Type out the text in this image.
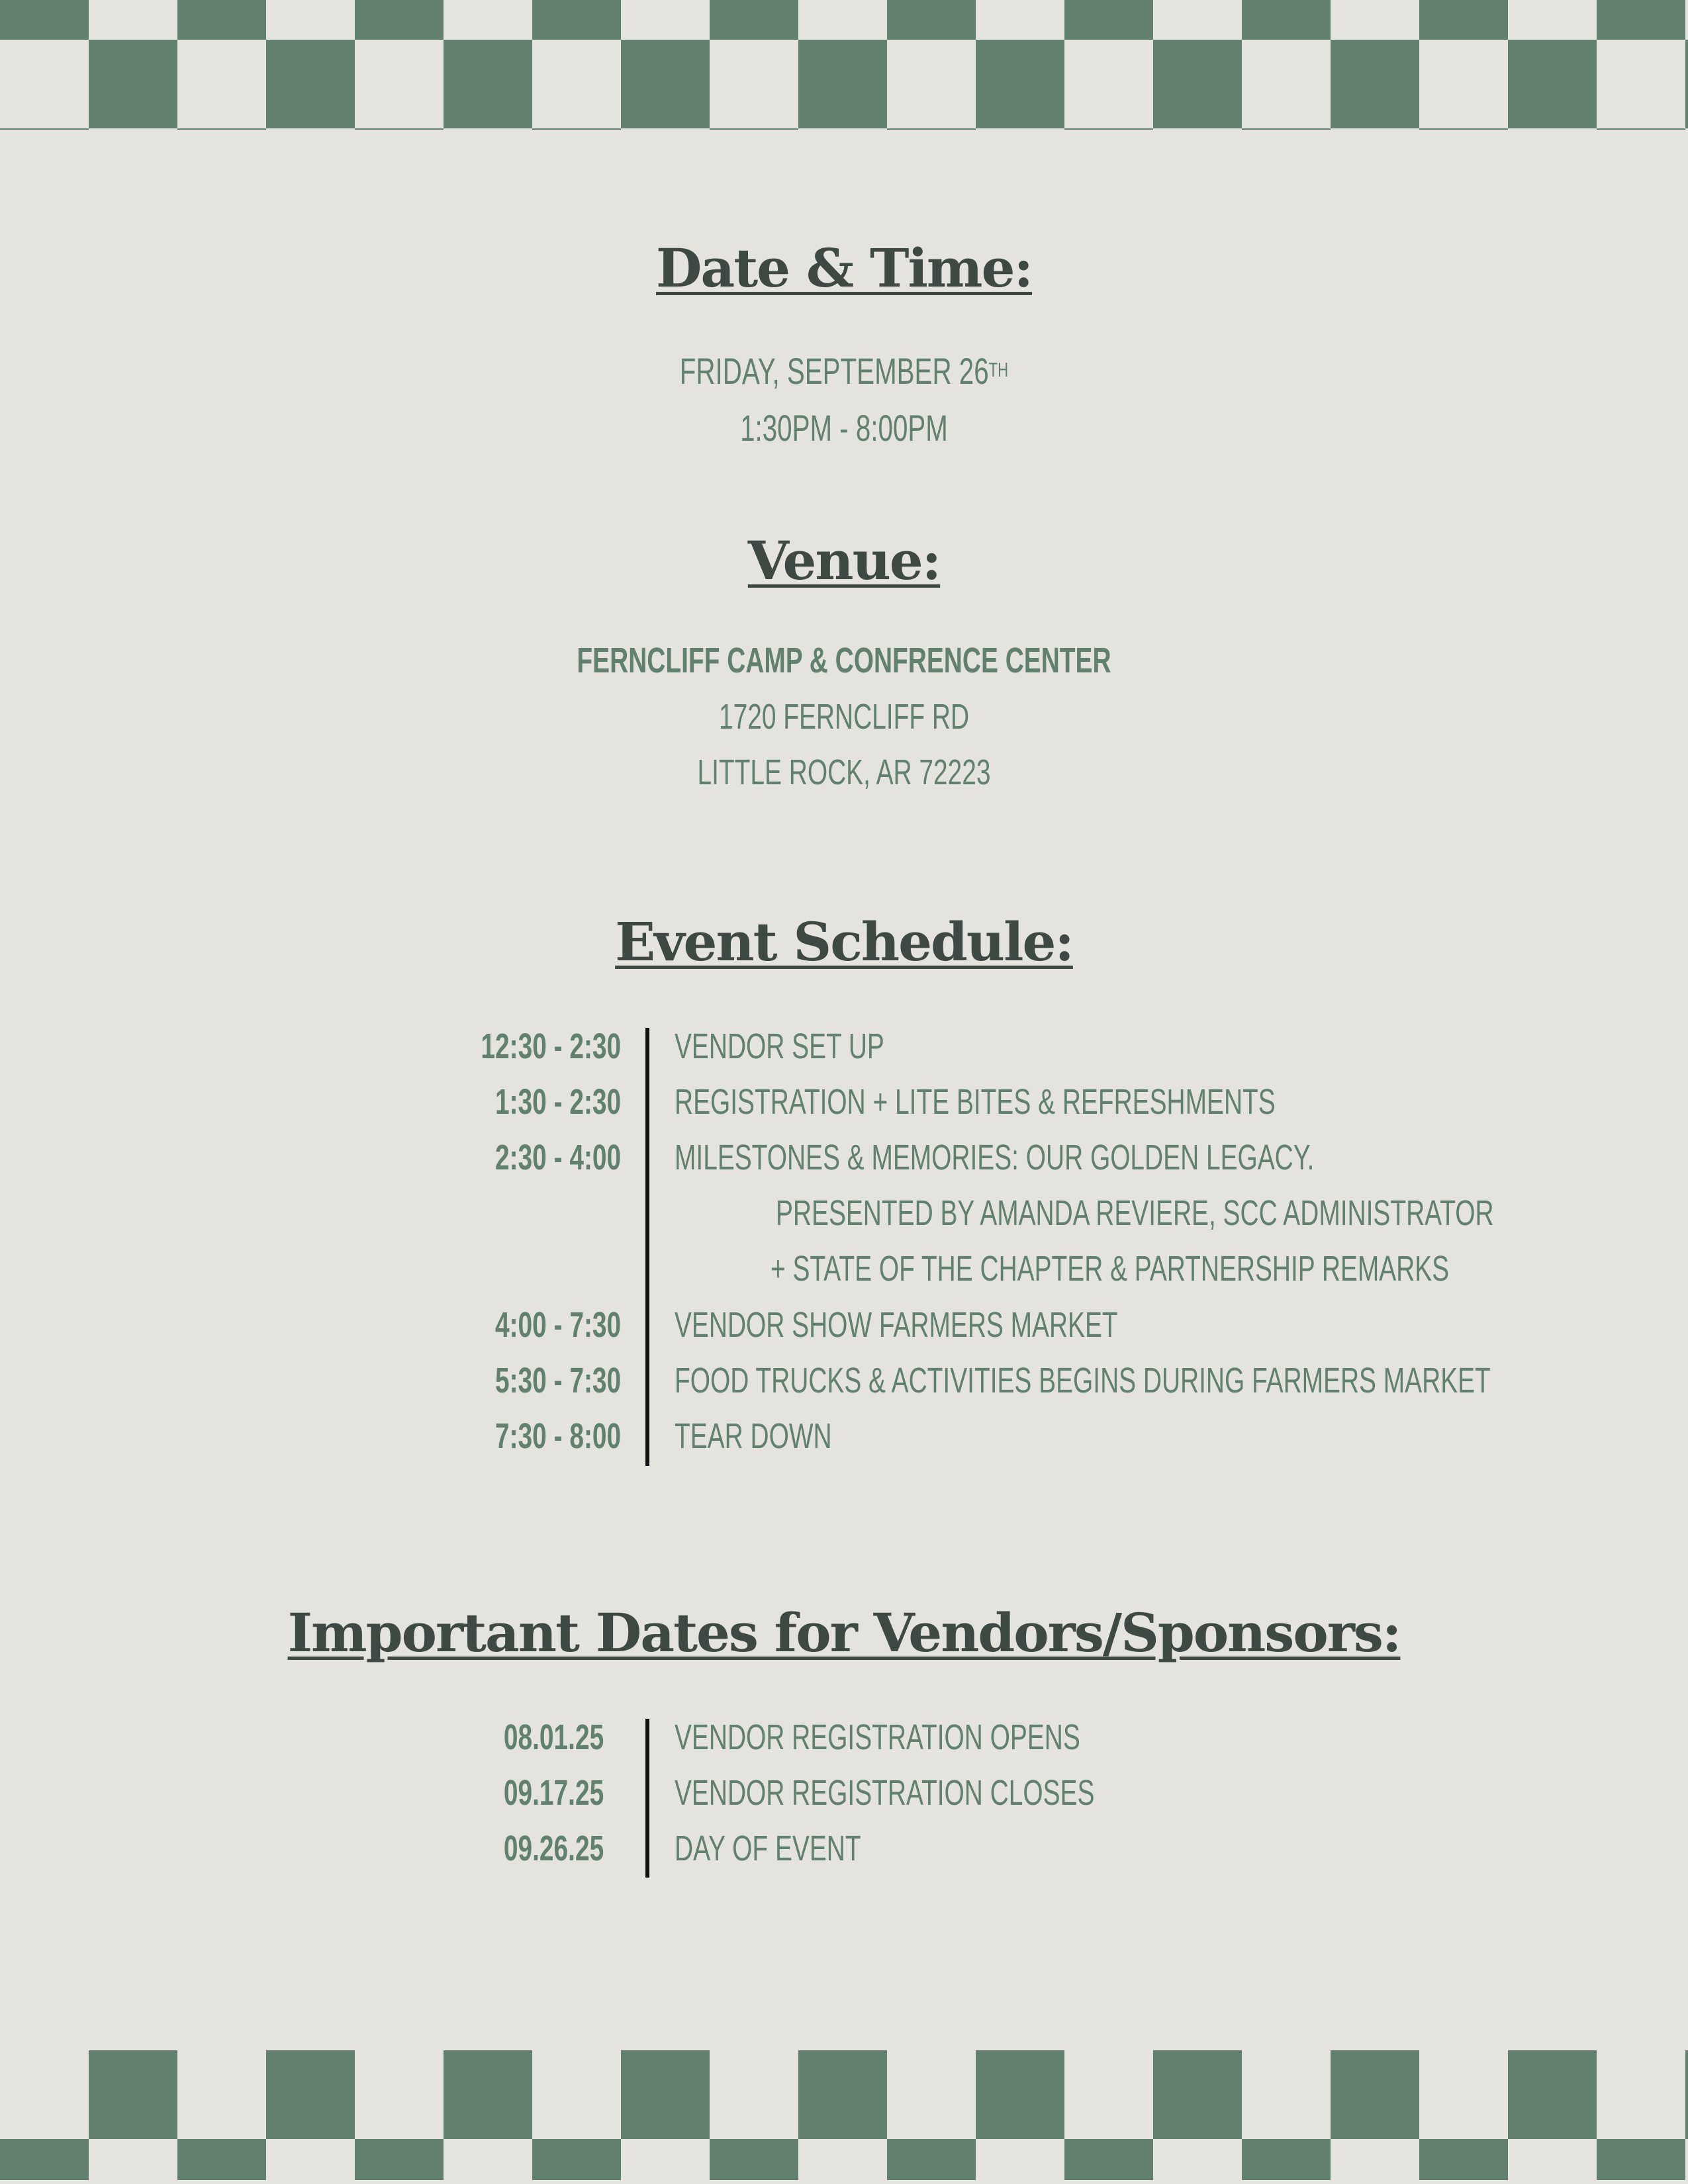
Date & Time:

FRIDAY, SEPTEMBER 26TH

1:30PM - 8:00PM

Venue:

FERNCLIFF CAMP & CONFRENCE CENTER

1720 FERNCLIFF RD

LITTLE ROCK, AR 72223

Event Schedule:

12:30 - 2:30 VENDOR SET UP

1:30 - 2:30 REGISTRATION + LITE BITES & REFRESHMENTS

2:30 - 4:00 MILESTONES & MEMORIES: OUR GOLDEN LEGACY.

PRESENTED BY AMANDA REVIERE, SCC ADMINISTRATOR

+ STATE OF THE CHAPTER & PARTNERSHIP REMARKS

4:00 - 7:30 VENDOR SHOW FARMERS MARKET

5:30 - 7:30 FOOD TRUCKS & ACTIVITIES BEGINS DURING FARMERS MARKET

7:30 - 8:00 TEAR DOWN

Important Dates for Vendors/Sponsors:

08.01.25 VENDOR REGISTRATION OPENS

09.17.25 VENDOR REGISTRATION CLOSES

09.26.25 DAY OF EVENT
